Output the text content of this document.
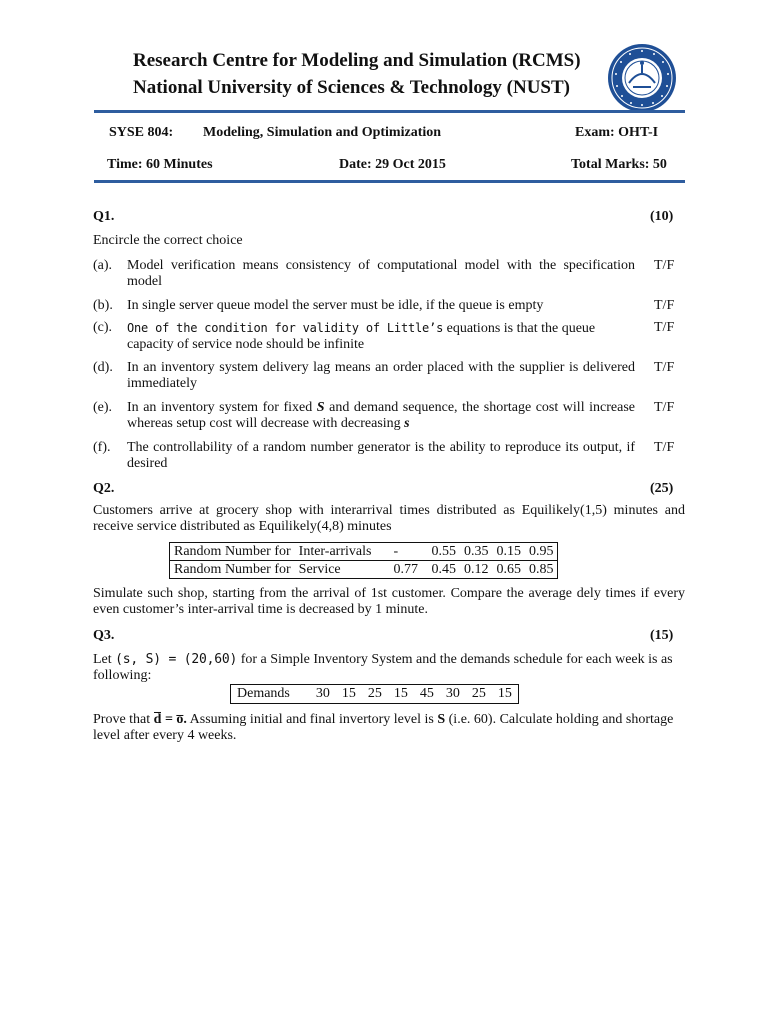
Research Centre for Modeling and Simulation (RCMS)
National University of Sciences & Technology (NUST)
SYSE 804: Modeling, Simulation and Optimization	Exam: OHT-I
Time: 60 Minutes	Date: 29 Oct 2015	Total Marks: 50
Q1.	(10)
Encircle the correct choice
(a). Model verification means consistency of computational model with the specification model
T/F
(b). In single server queue model the server must be idle, if the queue is empty	T/F
(c). One of the condition for validity of Little’s equations is that the queue capacity of service node should be infinite
T/F
(d). In an inventory system delivery lag means an order placed with the supplier is delivered immediately
T/F
(e). In an inventory system for fixed S and demand sequence, the shortage cost will increase whereas setup cost will decrease with decreasing s
T/F
(f). The controllability of a random number generator is the ability to reproduce its output, if desired
T/F
Q2.	(25)
Customers arrive at grocery shop with interarrival times distributed as Equilikely(1,5) minutes and receive service distributed as Equilikely(4,8) minutes
Random Number for	Inter-arrivals	-	0.55	0.35	0.15	0.95
Random Number for	Service	0.77	0.45	0.12	0.65	0.85
Simulate such shop, starting from the arrival of 1st customer. Compare the average dely times if every even customer’s inter-arrival time is decreased by 1 minute.
Q3.	(15)
Let (s, S) = (20,60) for a Simple Inventory System and the demands schedule for each week is as following:
Demands	30	15	25	15	45	30	25	15
Prove that d̅ = o̅. Assuming initial and final invertory level is S (i.e. 60). Calculate holding and shortage level after every 4 weeks.
